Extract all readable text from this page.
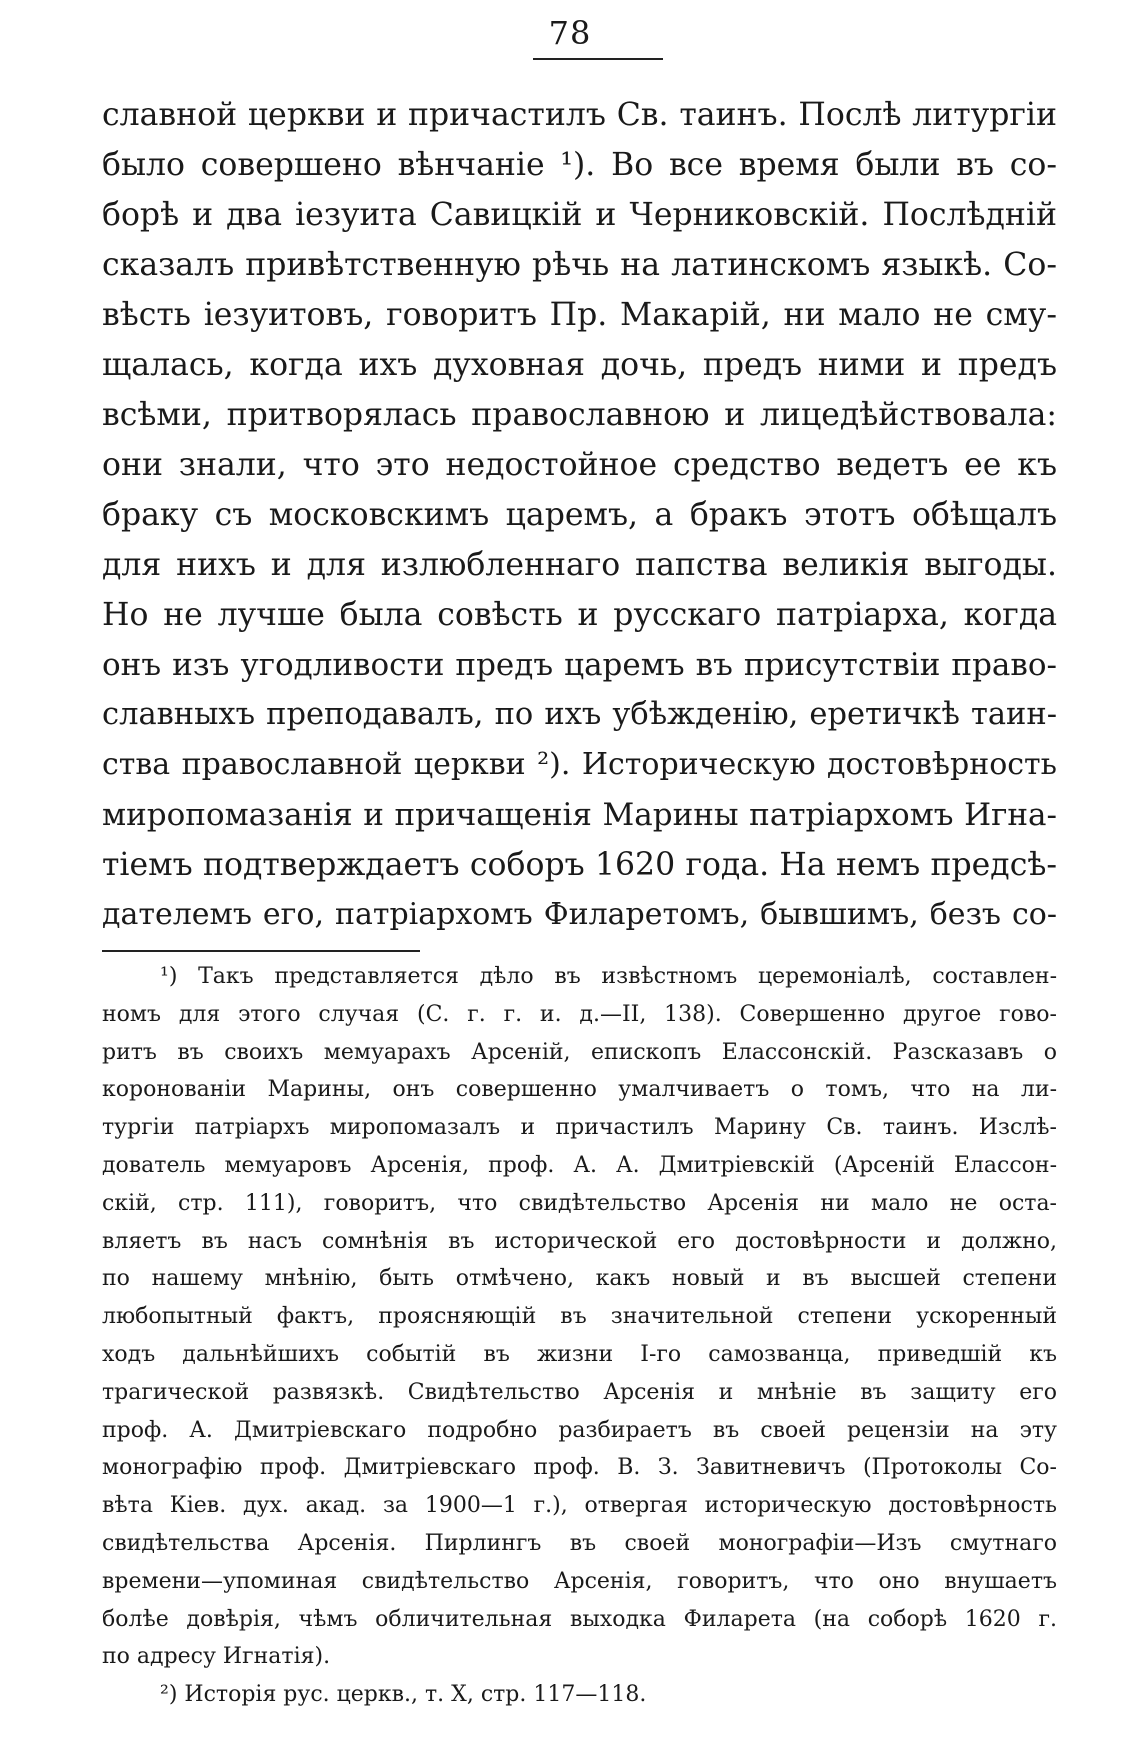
78
славной церкви и причастилъ Св. таинъ. Послѣ литургіи
было совершено вѣнчаніе ¹). Во все время были въ со-
борѣ и два іезуита Савицкій и Черниковскій. Послѣдній
сказалъ привѣтственную рѣчь на латинскомъ языкѣ. Со-
вѣсть іезуитовъ, говоритъ Пр. Макарій, ни мало не сму-
щалась, когда ихъ духовная дочь, предъ ними и предъ
всѣми, притворялась православною и лицедѣйствовала:
они знали, что это недостойное средство ведетъ ее къ
браку съ московскимъ царемъ, а бракъ этотъ обѣщалъ
для нихъ и для излюбленнаго папства великія выгоды.
Но не лучше была совѣсть и русскаго патріарха, когда
онъ изъ угодливости предъ царемъ въ присутствіи право-
славныхъ преподавалъ, по ихъ убѣжденію, еретичкѣ таин-
ства православной церкви ²). Историческую достовѣрность
миропомазанія и причащенія Марины патріархомъ Игна-
тіемъ подтверждаетъ соборъ 1620 года. На немъ предсѣ-
дателемъ его, патріархомъ Филаретомъ, бывшимъ, безъ со-
¹) Такъ представляется дѣло въ извѣстномъ церемоніалѣ, составлен-
номъ для этого случая (С. г. г. и. д.—II, 138). Совершенно другое гово-
ритъ въ своихъ мемуарахъ Арсеній, епископъ Елассонскій. Разсказавъ о
коронованіи Марины, онъ совершенно умалчиваетъ о томъ, что на ли-
тургіи патріархъ миропомазалъ и причастилъ Марину Св. таинъ. Изслѣ-
дователь мемуаровъ Арсенія, проф. А. А. Дмитріевскій (Арсеній Елассон-
скій, стр. 111), говоритъ, что свидѣтельство Арсенія ни мало не оста-
вляетъ въ насъ сомнѣнія въ исторической его достовѣрности и должно,
по нашему мнѣнію, быть отмѣчено, какъ новый и въ высшей степени
любопытный фактъ, проясняющій въ значительной степени ускоренный
ходъ дальнѣйшихъ событій въ жизни I-го самозванца, приведшій къ
трагической развязкѣ. Свидѣтельство Арсенія и мнѣніе въ защиту его
проф. А. Дмитріевскаго подробно разбираетъ въ своей рецензіи на эту
монографію проф. Дмитріевскаго проф. В. З. Завитневичъ (Протоколы Со-
вѣта Кіев. дух. акад. за 1900—1 г.), отвергая историческую достовѣрность
свидѣтельства Арсенія. Пирлингъ въ своей монографіи—Изъ смутнаго
времени—упоминая свидѣтельство Арсенія, говоритъ, что оно внушаетъ
болѣе довѣрія, чѣмъ обличительная выходка Филарета (на соборѣ 1620 г.
по адресу Игнатія).
²) Исторія рус. церкв., т. X, стр. 117—118.
